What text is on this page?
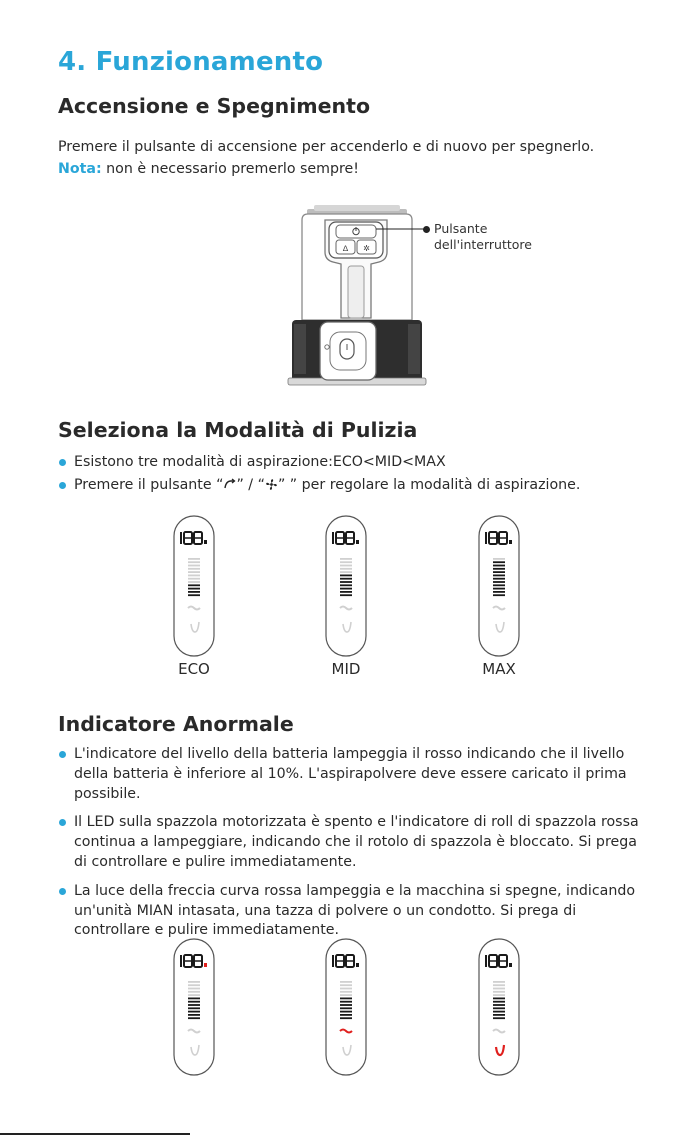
4. Funzionamento
Accensione e Spegnimento
Premere il pulsante di accensione per accenderlo e di nuovo per spegnerlo.
Nota: non è necessario premerlo sempre!
ᐃ ✲
Pulsante
dell'interruttore
Seleziona la Modalità di Pulizia
Esistono tre modalità di aspirazione:ECO<MID<MAX
Premere il pulsante “ ” / “ ” ” per regolare la modalità di aspirazione.
ECO	MID	MAX
Indicatore Anormale
L'indicatore del livello della batteria lampeggia il rosso indicando che il livello della batteria è inferiore al 10%. L'aspirapolvere deve essere caricato il prima possibile.
Il LED sulla spazzola motorizzata è spento e l'indicatore di roll di spazzola rossa continua a lampeggiare, indicando che il rotolo di spazzola è bloccato. Si prega di controllare e pulire immediatamente.
La luce della freccia curva rossa lampeggia e la macchina si spegne, indicando un'unità MIAN intasata, una tazza di polvere o un condotto. Si prega di controllare e pulire immediatamente.
